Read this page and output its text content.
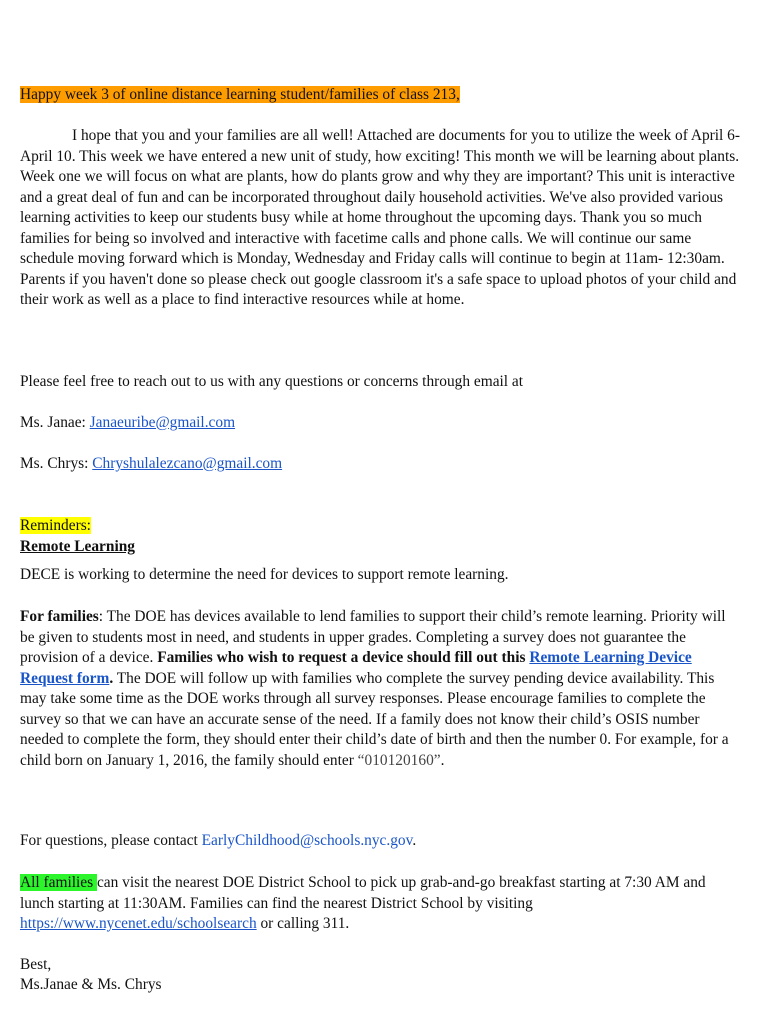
Happy week 3 of online distance learning student/families of class 213,

I hope that you and your families are all well! Attached are documents for you to utilize the week of April 6-April 10. This week we have entered a new unit of study, how exciting! This month we will be learning about plants. Week one we will focus on what are plants, how do plants grow and why they are important? This unit is interactive and a great deal of fun and can be incorporated throughout daily household activities. We've also provided various learning activities to keep our students busy while at home throughout the upcoming days. Thank you so much families for being so involved and interactive with facetime calls and phone calls. We will continue our same schedule moving forward which is Monday, Wednesday and Friday calls will continue to begin at 11am- 12:30am. Parents if you haven't done so please check out google classroom it's a safe space to upload photos of your child and their work as well as a place to find interactive resources while at home.

Please feel free to reach out to us with any questions or concerns through email at

Ms. Janae: Janaeuribe@gmail.com

Ms. Chrys: Chryshulalezcano@gmail.com

Reminders:

Remote Learning

DECE is working to determine the need for devices to support remote learning.

For families: The DOE has devices available to lend families to support their child’s remote learning. Priority will be given to students most in need, and students in upper grades. Completing a survey does not guarantee the provision of a device. Families who wish to request a device should fill out this Remote Learning Device Request form. The DOE will follow up with families who complete the survey pending device availability. This may take some time as the DOE works through all survey responses. Please encourage families to complete the survey so that we can have an accurate sense of the need. If a family does not know their child’s OSIS number needed to complete the form, they should enter their child’s date of birth and then the number 0. For example, for a child born on January 1, 2016, the family should enter “010120160”.

For questions, please contact EarlyChildhood@schools.nyc.gov.

All families can visit the nearest DOE District School to pick up grab-and-go breakfast starting at 7:30 AM and lunch starting at 11:30AM. Families can find the nearest District School by visiting https://www.nycenet.edu/schoolsearch or calling 311.

Best,

Ms.Janae & Ms. Chrys
